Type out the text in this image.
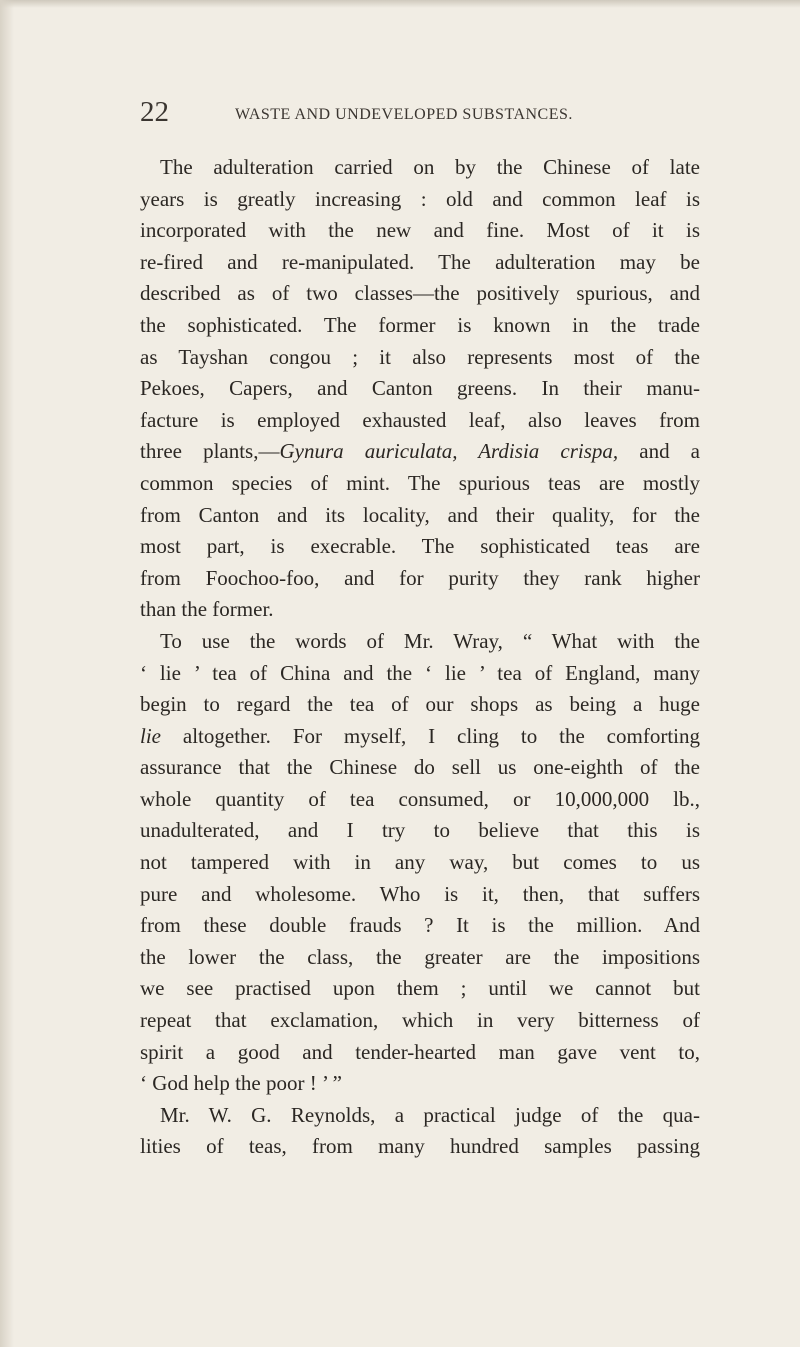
22	WASTE AND UNDEVELOPED SUBSTANCES.
The adulteration carried on by the Chinese of late
years is greatly increasing : old and common leaf is
incorporated with the new and fine. Most of it is
re-fired and re-manipulated. The adulteration may be
described as of two classes—the positively spurious, and
the sophisticated. The former is known in the trade
as Tayshan congou ; it also represents most of the
Pekoes, Capers, and Canton greens. In their manu-
facture is employed exhausted leaf, also leaves from
three plants,—Gynura auriculata, Ardisia crispa, and a
common species of mint. The spurious teas are mostly
from Canton and its locality, and their quality, for the
most part, is execrable. The sophisticated teas are
from Foochoo-foo, and for purity they rank higher
than the former.
To use the words of Mr. Wray, “ What with the
‘ lie ’ tea of China and the ‘ lie ’ tea of England, many
begin to regard the tea of our shops as being a huge
lie altogether. For myself, I cling to the comforting
assurance that the Chinese do sell us one-eighth of the
whole quantity of tea consumed, or 10,000,000 lb.,
unadulterated, and I try to believe that this is
not tampered with in any way, but comes to us
pure and wholesome. Who is it, then, that suffers
from these double frauds ? It is the million. And
the lower the class, the greater are the impositions
we see practised upon them ; until we cannot but
repeat that exclamation, which in very bitterness of
spirit a good and tender-hearted man gave vent to,
‘ God help the poor ! ’ ”
Mr. W. G. Reynolds, a practical judge of the qua-
lities of teas, from many hundred samples passing
